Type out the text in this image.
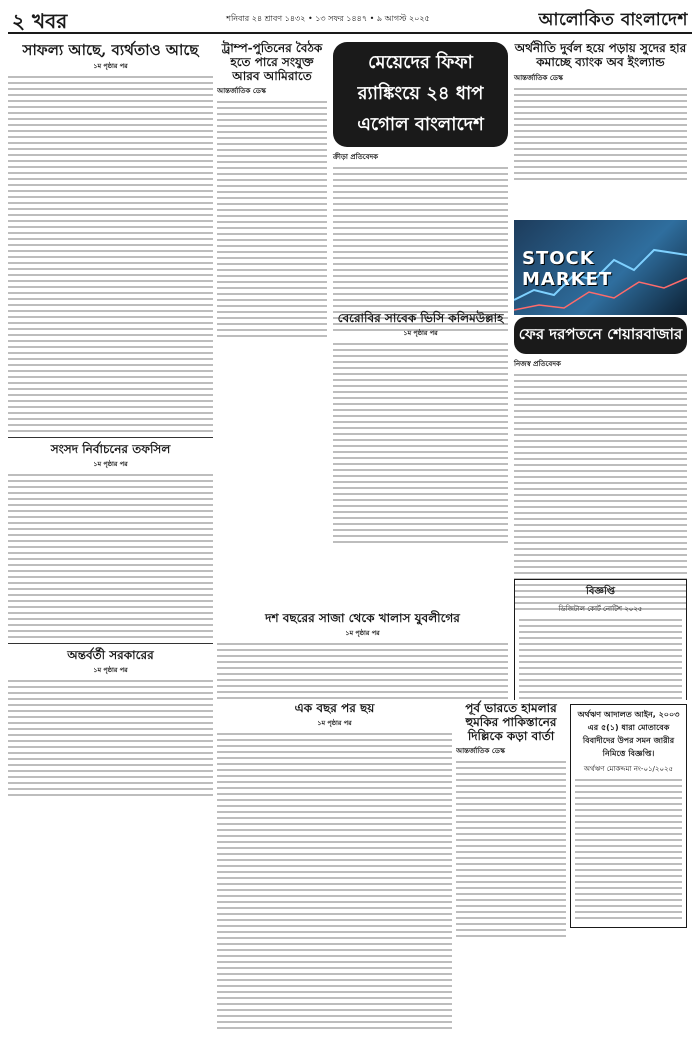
২ খবর	শনিবার ২৪ শ্রাবণ ১৪৩২ • ১৩ সফর ১৪৪৭ • ৯ আগস্ট ২০২৫	আলোকিত বাংলাদেশ
সাফল্য আছে, ব্যর্থতাও আছে
১ম পৃষ্ঠার পর
সংসদ নির্বাচনের তফসিল
১ম পৃষ্ঠার পর
অন্তর্বর্তী সরকারের
১ম পৃষ্ঠার পর
ট্রাম্প-পুতিনের বৈঠক হতে পারে সংযুক্ত আরব আমিরাতে
আন্তর্জাতিক ডেস্ক
মেয়েদের ফিফা র‍্যাঙ্কিংয়ে ২৪ ধাপ এগোল বাংলাদেশ
ক্রীড়া প্রতিবেদক
অর্থনীতি দুর্বল হয়ে পড়ায় সুদের হার কমাচ্ছে ব্যাংক অব ইংল্যান্ড
আন্তর্জাতিক ডেস্ক
STOCK MARKET
ফের দরপতনে শেয়ারবাজার
নিজস্ব প্রতিবেদক
বেরোবির সাবেক ভিসি কলিমউল্লাহ
১ম পৃষ্ঠার পর
বিজ্ঞপ্তি
ডিজিটাল কোর্ট নোটিশ ২০২৫
দশ বছরের সাজা থেকে খালাস যুবলীগের
১ম পৃষ্ঠার পর
এক বছর পর ছয়
১ম পৃষ্ঠার পর
পূর্ব ভারতে হামলার হুমকির পাকিস্তানের দিল্লিকে কড়া বার্তা
আন্তর্জাতিক ডেস্ক
অর্থঋণ আদালত আইন, ২০০৩ এর ৫(১) ধারা মোতাবেক বিবাদীদের উপর সমন জারীর নিমিত্তে বিজ্ঞপ্তি।
অর্থঋণ মোকদ্দমা নং-০১/২০২৫
